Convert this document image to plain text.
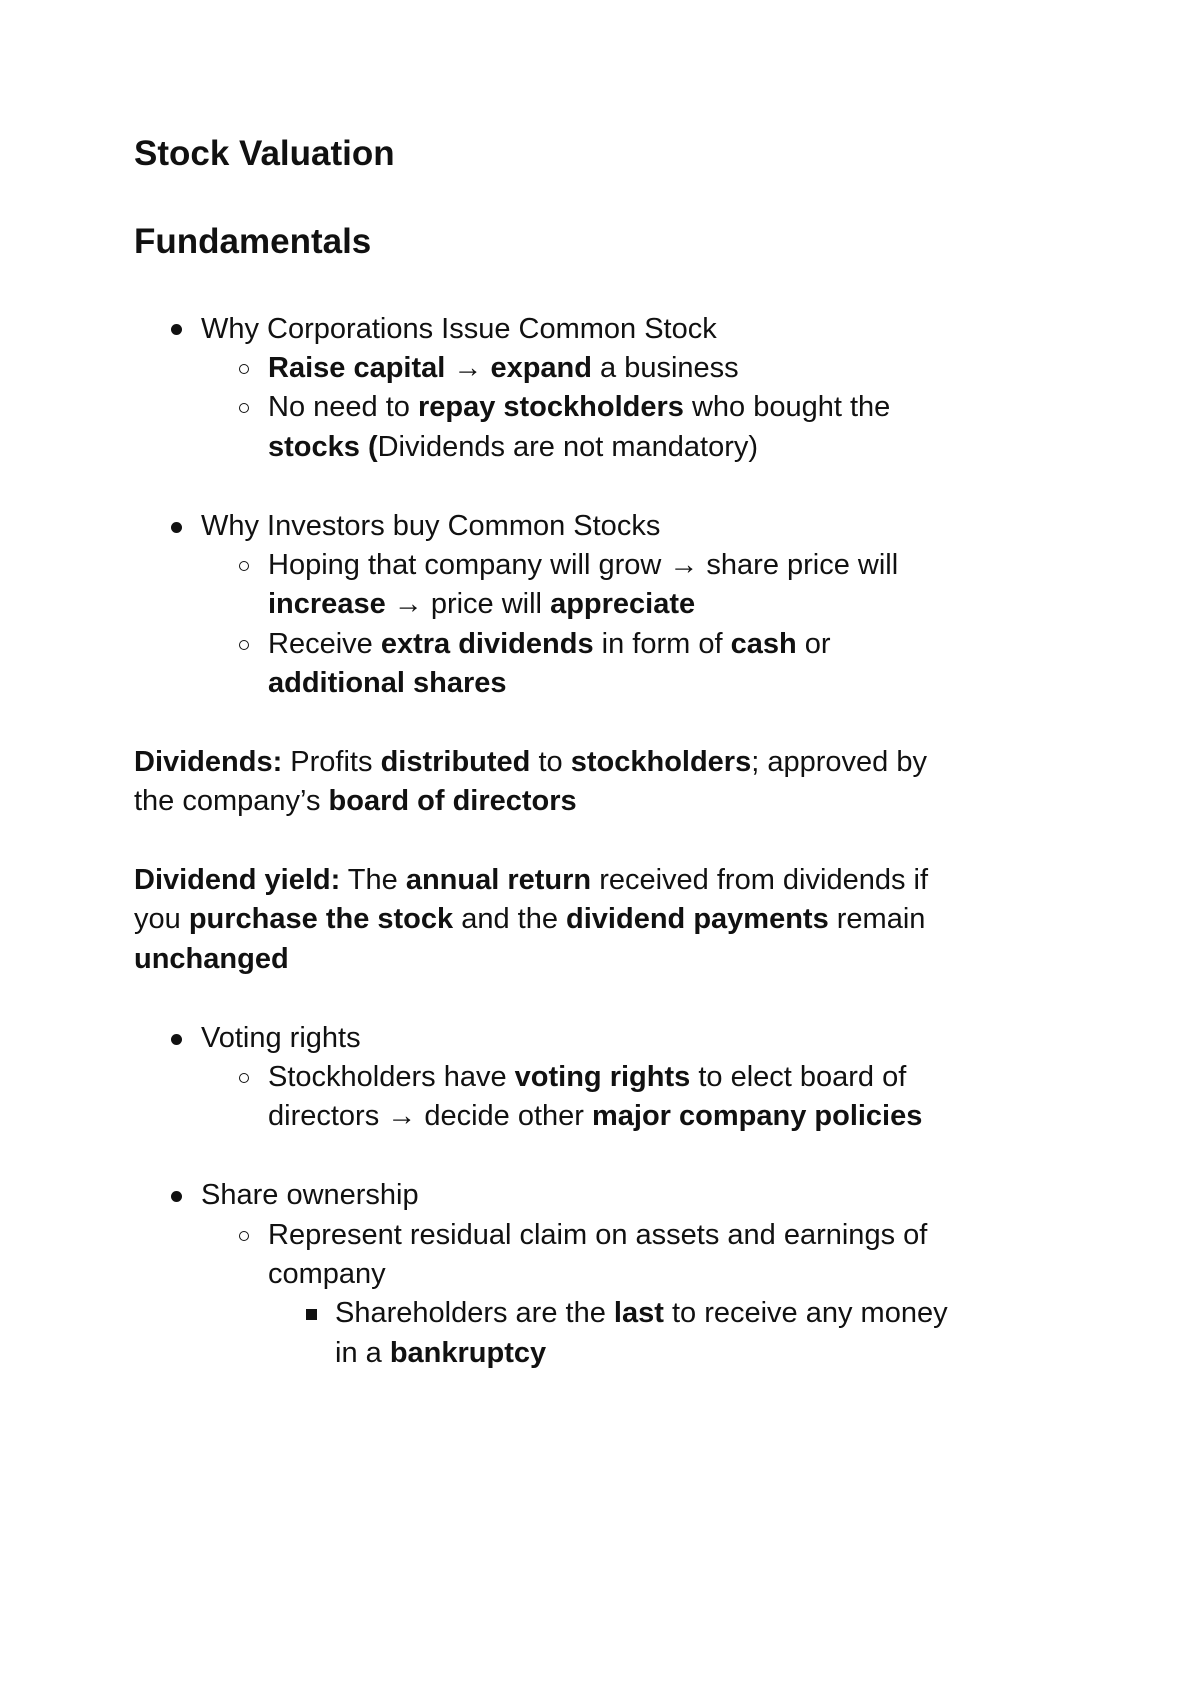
Stock Valuation
Fundamentals
Why Corporations Issue Common Stock
Raise capital → expand a business
No need to repay stockholders who bought the
stocks (Dividends are not mandatory)
Why Investors buy Common Stocks
Hoping that company will grow → share price will
increase → price will appreciate
Receive extra dividends in form of cash or
additional shares
Dividends: Profits distributed to stockholders; approved by
the company’s board of directors
Dividend yield: The annual return received from dividends if
you purchase the stock and the dividend payments remain
unchanged
Voting rights
Stockholders have voting rights to elect board of
directors → decide other major company policies
Share ownership
Represent residual claim on assets and earnings of
company
Shareholders are the last to receive any money
in a bankruptcy
